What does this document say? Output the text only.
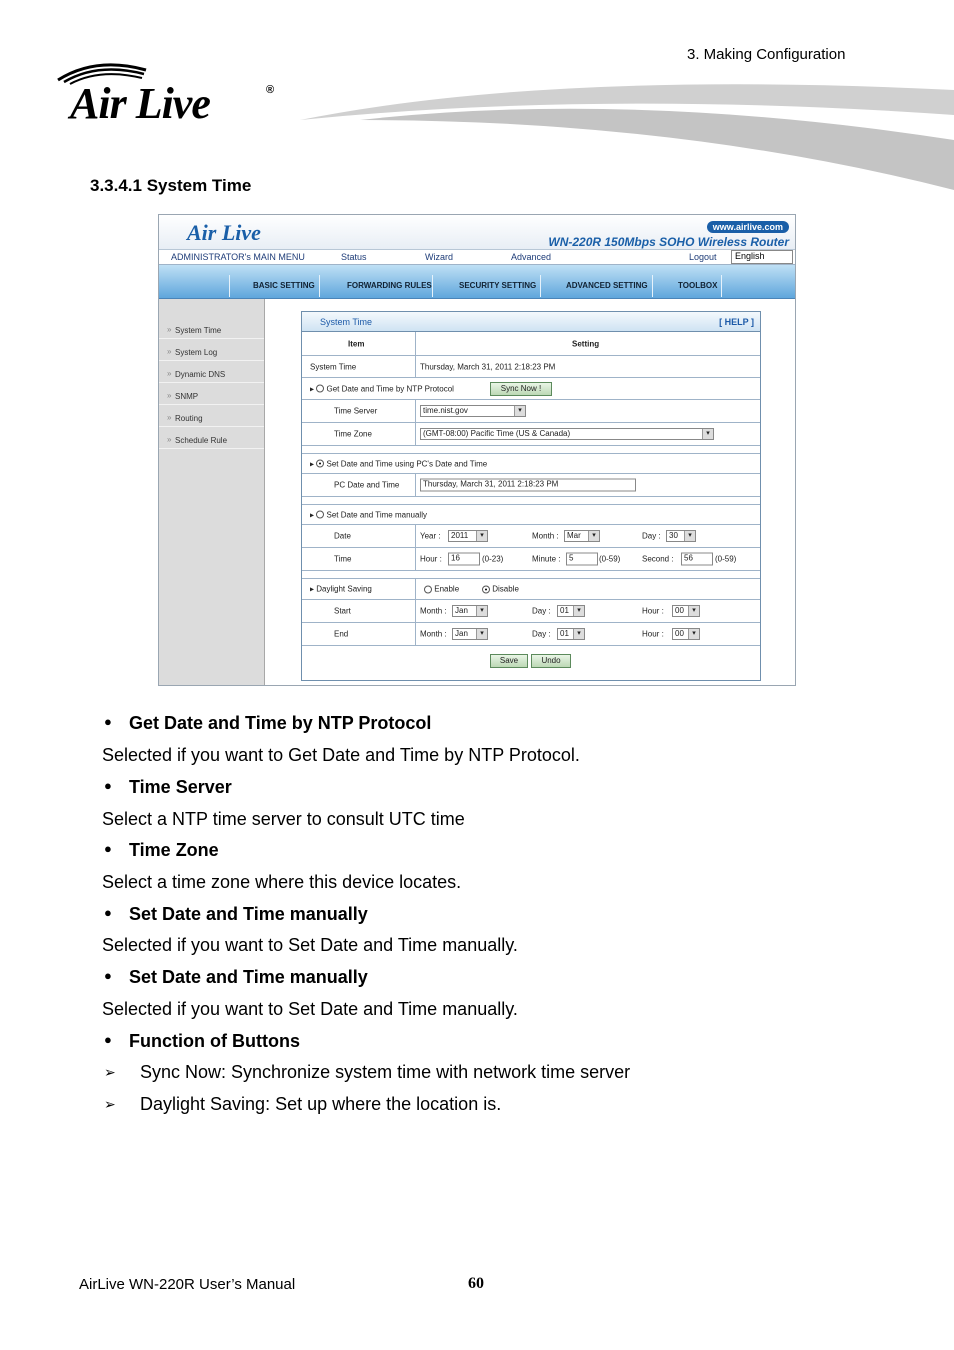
3. Making Configuration
Air Live	®
3.3.4.1 System Time
Air Live	www.airlive.com
WN-220R 150Mbps SOHO Wireless Router
ADMINISTRATOR's MAIN MENU	Status	Wizard	Advanced	Logout	English
BASIC SETTING	FORWARDING RULES	SECURITY SETTING	ADVANCED SETTING	TOOLBOX
» System Time
» System Log
» Dynamic DNS
» SNMP
» Routing
» Schedule Rule
System Time	[ HELP ]
Item	Setting
System Time	Thursday, March 31, 2011 2:18:23 PM
▸  Get Date and Time by NTP Protocol	Sync Now !
Time Server	time.nist.gov ▾
Time Zone	(GMT-08:00) Pacific Time (US & Canada) ▾
▸  Set Date and Time using PC's Date and Time
PC Date and Time	Thursday, March 31, 2011 2:18:23 PM
▸  Set Date and Time manually
Date	Year :	2011 ▾	Month :	Mar ▾	Day :	30 ▾
Time	Hour :	16	(0-23)	Minute :	5	(0-59)	Second :	56	(0-59)
▸ Daylight Saving	Enable	Disable
Start	Month :	Jan ▾	Day :	01 ▾	Hour :	00 ▾
End	Month :	Jan ▾	Day :	01 ▾	Hour :	00 ▾
Save	Undo
● Get Date and Time by NTP Protocol
Selected if you want to Get Date and Time by NTP Protocol.
● Time Server
Select a NTP time server to consult UTC time
● Time Zone
Select a time zone where this device locates.
● Set Date and Time manually
Selected if you want to Set Date and Time manually.
● Set Date and Time manually
Selected if you want to Set Date and Time manually.
● Function of Buttons
➢ Sync Now: Synchronize system time with network time server
➢ Daylight Saving: Set up where the location is.
AirLive WN-220R User’s Manual	60
